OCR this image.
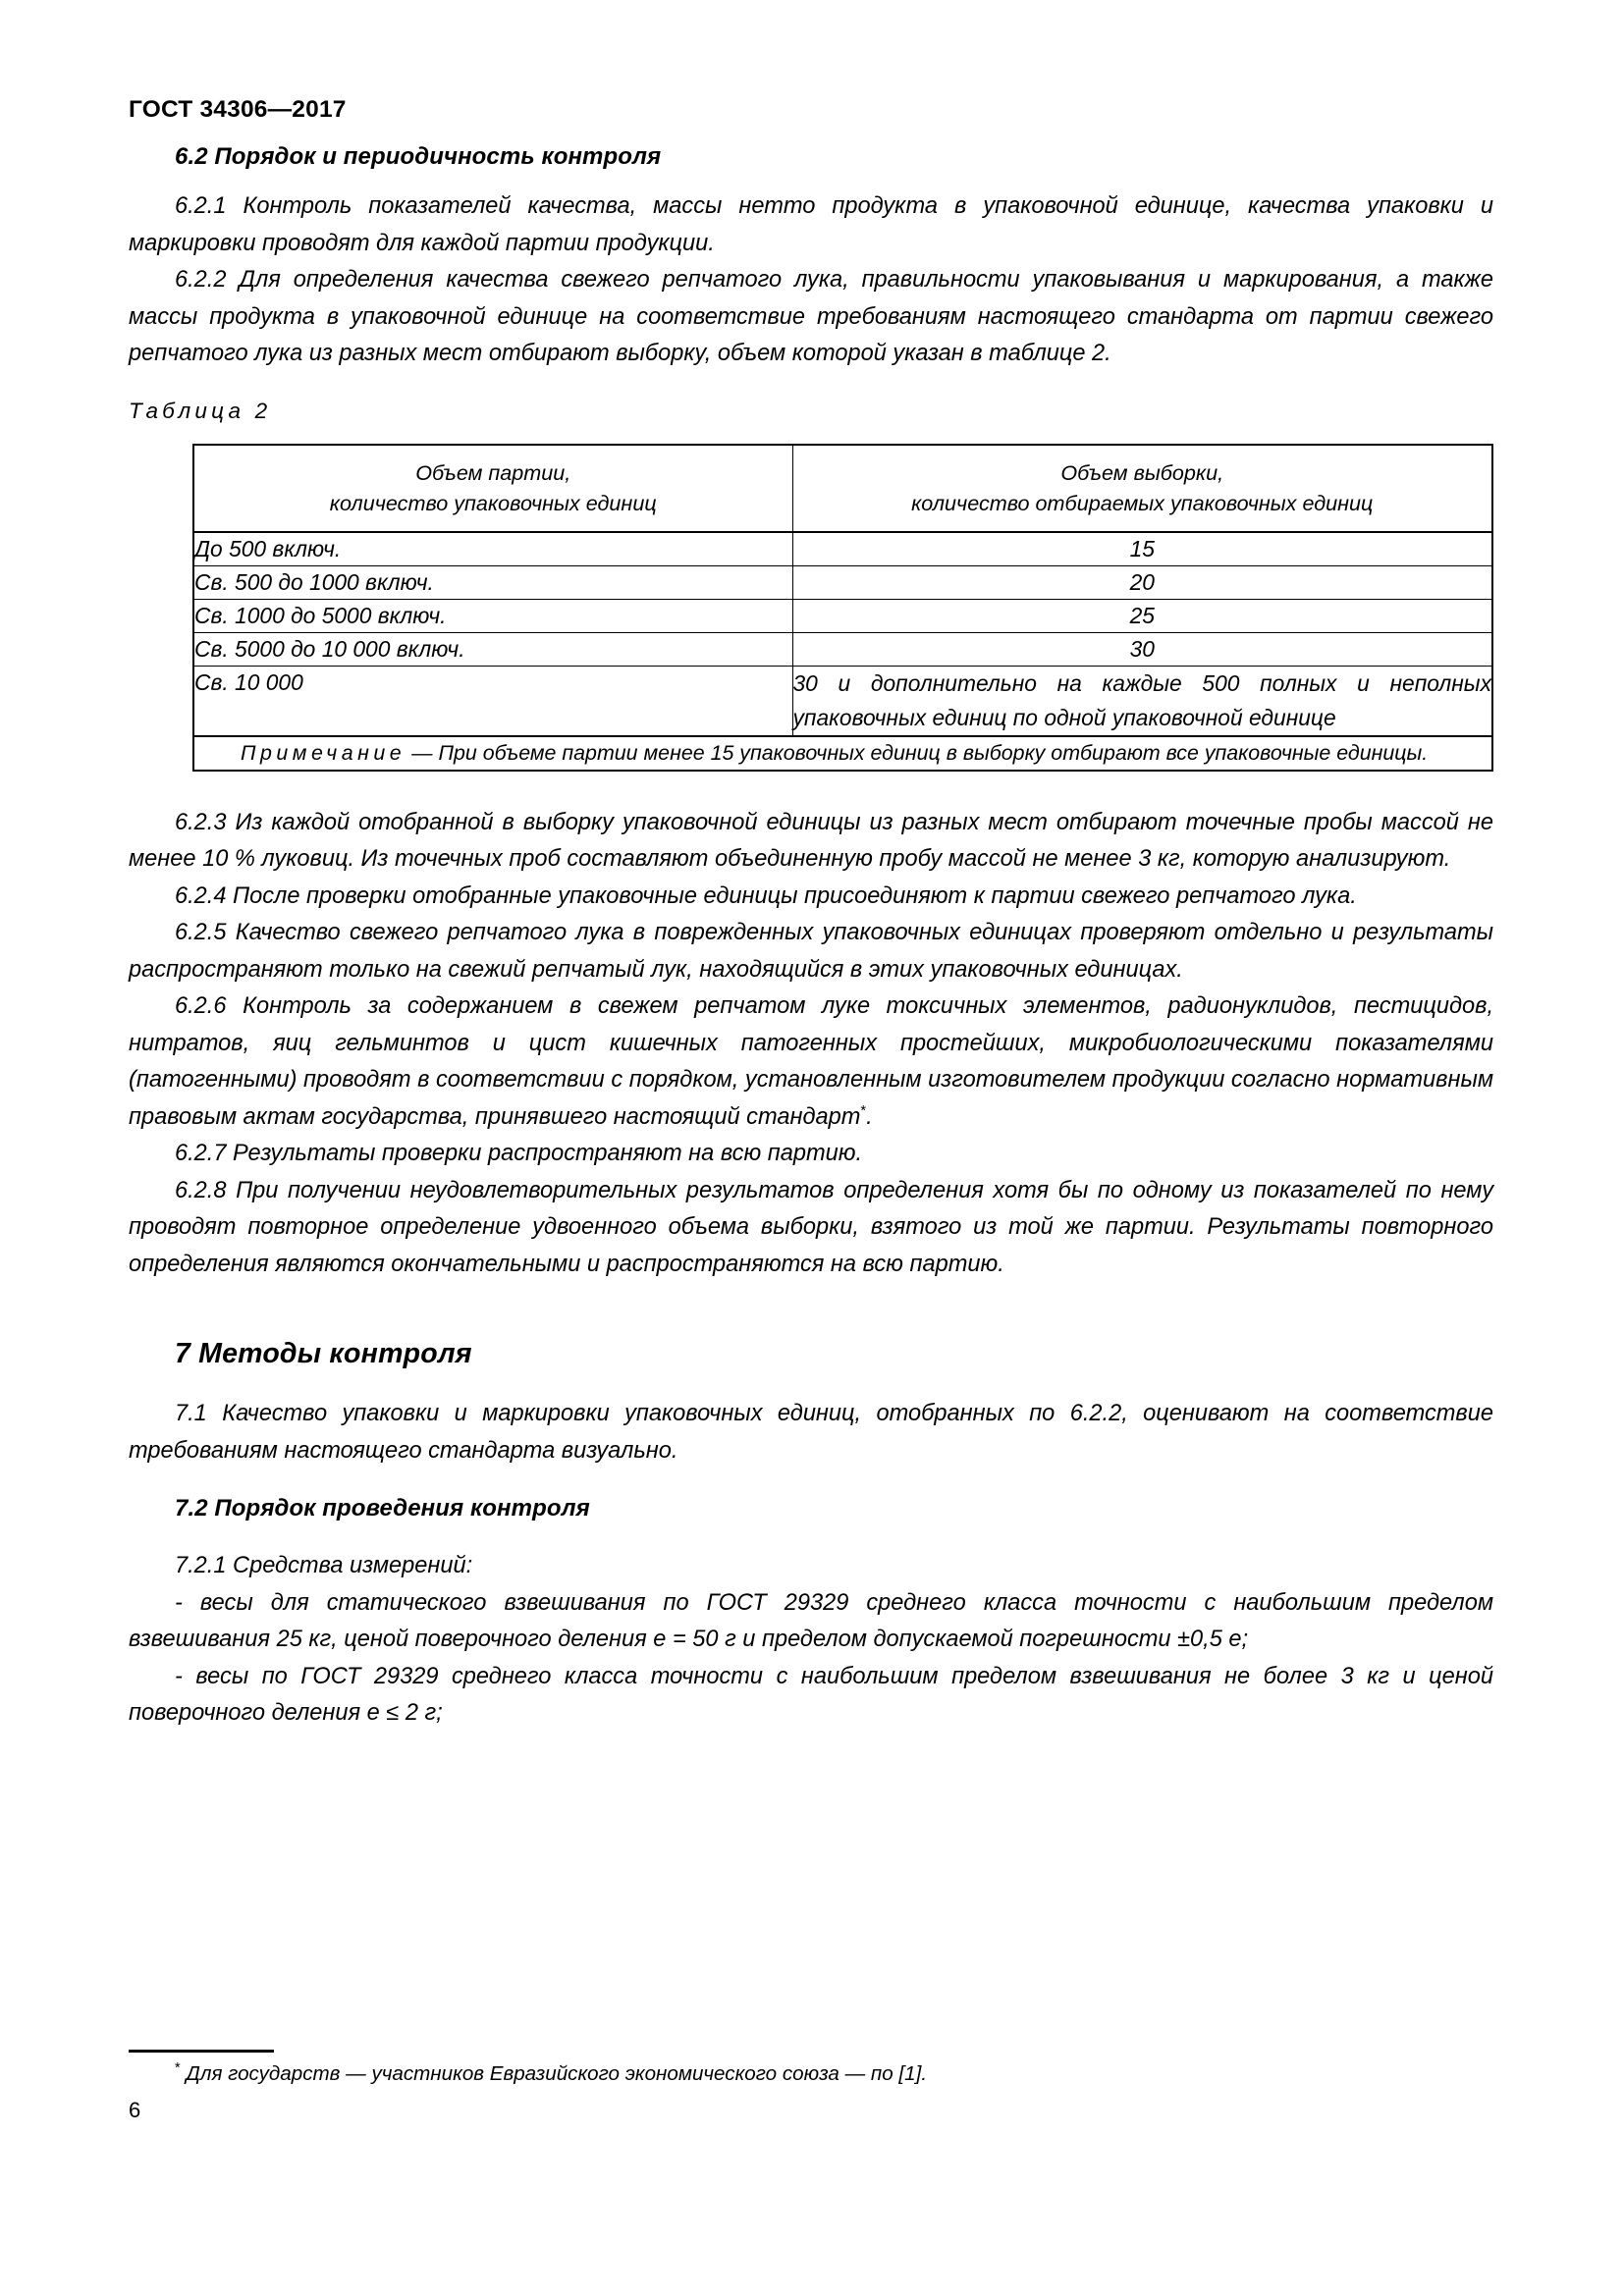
ГОСТ 34306—2017
6.2 Порядок и периодичность контроля

6.2.1 Контроль показателей качества, массы нетто продукта в упаковочной единице, качества упаковки и маркировки проводят для каждой партии продукции.

6.2.2 Для определения качества свежего репчатого лука, правильности упаковывания и маркирования, а также массы продукта в упаковочной единице на соответствие требованиям настоящего стандарта от партии свежего репчатого лука из разных мест отбирают выборку, объем которой указан в таблице 2.

Таблица 2
Объем партии,
количество упаковочных единиц

Объем выборки,
количество отбираемых упаковочных единиц

До 500 включ.	15
Св. 500 до 1000 включ.	20
Св. 1000 до 5000 включ.	25
Св. 5000 до 10 000 включ.	30
Св. 10 000	30 и дополнительно на каждые 500 полных и неполных упаковочных единиц по одной упаковочной единице

Примечание — При объеме партии менее 15 упаковочных единиц в выборку отбирают все упаковочные единицы.	

6.2.3 Из каждой отобранной в выборку упаковочной единицы из разных мест отбирают точечные пробы массой не менее 10 % луковиц. Из точечных проб составляют объединенную пробу массой не менее 3 кг, которую анализируют.

6.2.4 После проверки отобранные упаковочные единицы присоединяют к партии свежего репчатого лука.

6.2.5 Качество свежего репчатого лука в поврежденных упаковочных единицах проверяют отдельно и результаты распространяют только на свежий репчатый лук, находящийся в этих упаковочных единицах.

6.2.6 Контроль за содержанием в свежем репчатом луке токсичных элементов, радионуклидов, пестицидов, нитратов, яиц гельминтов и цист кишечных патогенных простейших, микробиологическими показателями (патогенными) проводят в соответствии с порядком, установленным изготовителем продукции согласно нормативным правовым актам государства, принявшего настоящий стандарт*.

6.2.7 Результаты проверки распространяют на всю партию.

6.2.8 При получении неудовлетворительных результатов определения хотя бы по одному из показателей по нему проводят повторное определение удвоенного объема выборки, взятого из той же партии. Результаты повторного определения являются окончательными и распространяются на всю партию.

7 Методы контроля

7.1 Качество упаковки и маркировки упаковочных единиц, отобранных по 6.2.2, оценивают на соответствие требованиям настоящего стандарта визуально.

7.2 Порядок проведения контроля

7.2.1 Средства измерений:

- весы для статического взвешивания по ГОСТ 29329 среднего класса точности с наибольшим пределом взвешивания 25 кг, ценой поверочного деления е = 50 г и пределом допускаемой погрешности ±0,5 е;

- весы по ГОСТ 29329 среднего класса точности с наибольшим пределом взвешивания не более 3 кг и ценой поверочного деления е ≤ 2 г;

* Для государств — участников Евразийского экономического союза — по [1].
6
